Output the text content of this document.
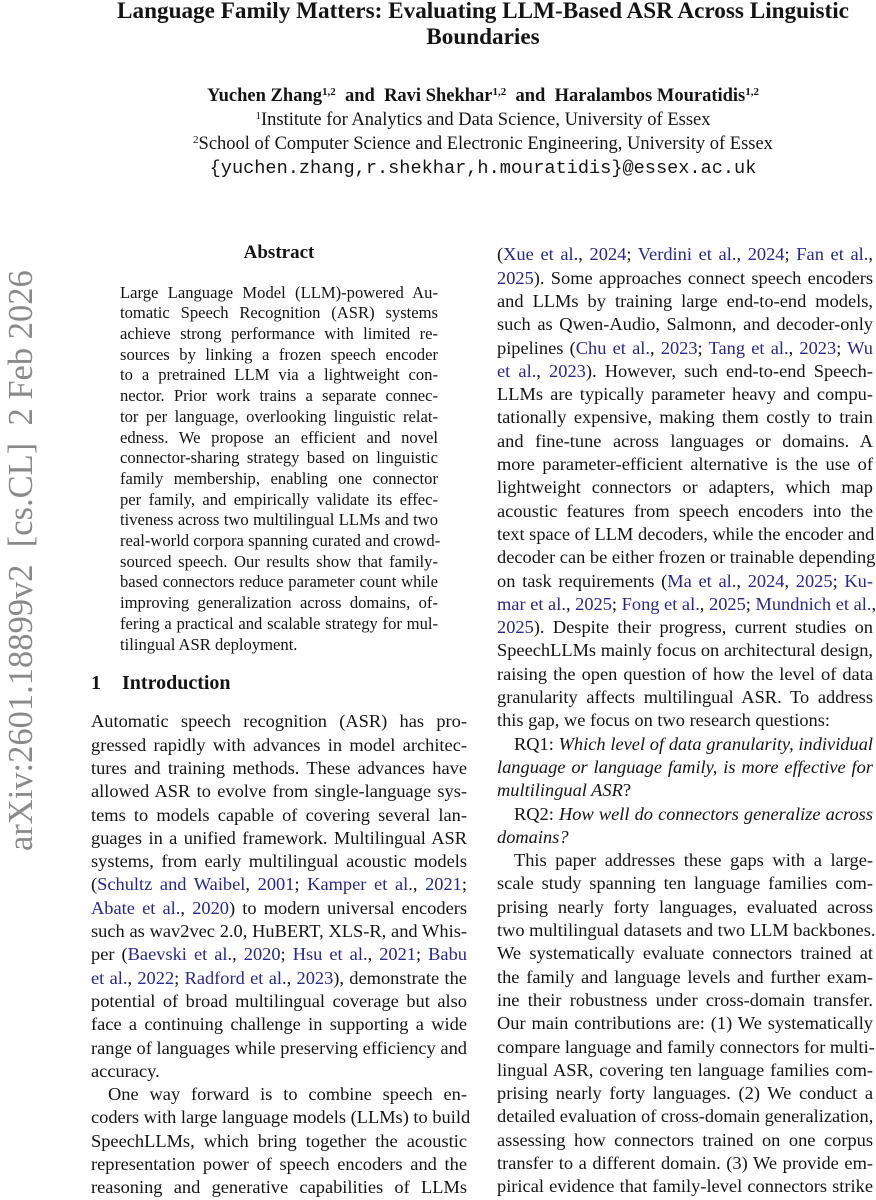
Language Family Matters: Evaluating LLM-Based ASR Across Linguistic
Boundaries
Yuchen Zhang$^{1,2}$ and Ravi Shekhar$^{1,2}$ and Haralambos Mouratidis$^{1,2}$
$^1$Institute for Analytics and Data Science, University of Essex
$^2$School of Computer Science and Electronic Engineering, University of Essex
{yuchen.zhang,r.shekhar,h.mouratidis}@essex.ac.uk
arXiv:2601.18899v2  [cs.CL]  2 Feb 2026
Abstract
Large Language Model (LLM)-powered Au-
tomatic Speech Recognition (ASR) systems
achieve strong performance with limited re-
sources by linking a frozen speech encoder
to a pretrained LLM via a lightweight con-
nector. Prior work trains a separate connec-
tor per language, overlooking linguistic relat-
edness. We propose an efficient and novel
connector-sharing strategy based on linguistic
family membership, enabling one connector
per family, and empirically validate its effec-
tiveness across two multilingual LLMs and two
real-world corpora spanning curated and crowd-
sourced speech. Our results show that family-
based connectors reduce parameter count while
improving generalization across domains, of-
fering a practical and scalable strategy for mul-
tilingual ASR deployment.
1 Introduction
Automatic speech recognition (ASR) has pro-
gressed rapidly with advances in model architec-
tures and training methods. These advances have
allowed ASR to evolve from single-language sys-
tems to models capable of covering several lan-
guages in a unified framework. Multilingual ASR
systems, from early multilingual acoustic models
(Schultz and Waibel, 2001; Kamper et al., 2021;
Abate et al., 2020) to modern universal encoders
such as wav2vec 2.0, HuBERT, XLS-R, and Whis-
per (Baevski et al., 2020; Hsu et al., 2021; Babu
et al., 2022; Radford et al., 2023), demonstrate the
potential of broad multilingual coverage but also
face a continuing challenge in supporting a wide
range of languages while preserving efficiency and
accuracy.
One way forward is to combine speech en-
coders with large language models (LLMs) to build
SpeechLLMs, which bring together the acoustic
representation power of speech encoders and the
reasoning and generative capabilities of LLMs
(Xue et al., 2024; Verdini et al., 2024; Fan et al.,
2025). Some approaches connect speech encoders
and LLMs by training large end-to-end models,
such as Qwen-Audio, Salmonn, and decoder-only
pipelines (Chu et al., 2023; Tang et al., 2023; Wu
et al., 2023). However, such end-to-end Speech-
LLMs are typically parameter heavy and compu-
tationally expensive, making them costly to train
and fine-tune across languages or domains. A
more parameter-efficient alternative is the use of
lightweight connectors or adapters, which map
acoustic features from speech encoders into the
text space of LLM decoders, while the encoder and
decoder can be either frozen or trainable depending
on task requirements (Ma et al., 2024, 2025; Ku-
mar et al., 2025; Fong et al., 2025; Mundnich et al.,
2025). Despite their progress, current studies on
SpeechLLMs mainly focus on architectural design,
raising the open question of how the level of data
granularity affects multilingual ASR. To address
this gap, we focus on two research questions:
RQ1: Which level of data granularity, individual
language or language family, is more effective for
multilingual ASR?
RQ2: How well do connectors generalize across
domains?
This paper addresses these gaps with a large-
scale study spanning ten language families com-
prising nearly forty languages, evaluated across
two multilingual datasets and two LLM backbones.
We systematically evaluate connectors trained at
the family and language levels and further exam-
ine their robustness under cross-domain transfer.
Our main contributions are: (1) We systematically
compare language and family connectors for multi-
lingual ASR, covering ten language families com-
prising nearly forty languages. (2) We conduct a
detailed evaluation of cross-domain generalization,
assessing how connectors trained on one corpus
transfer to a different domain. (3) We provide em-
pirical evidence that family-level connectors strike
